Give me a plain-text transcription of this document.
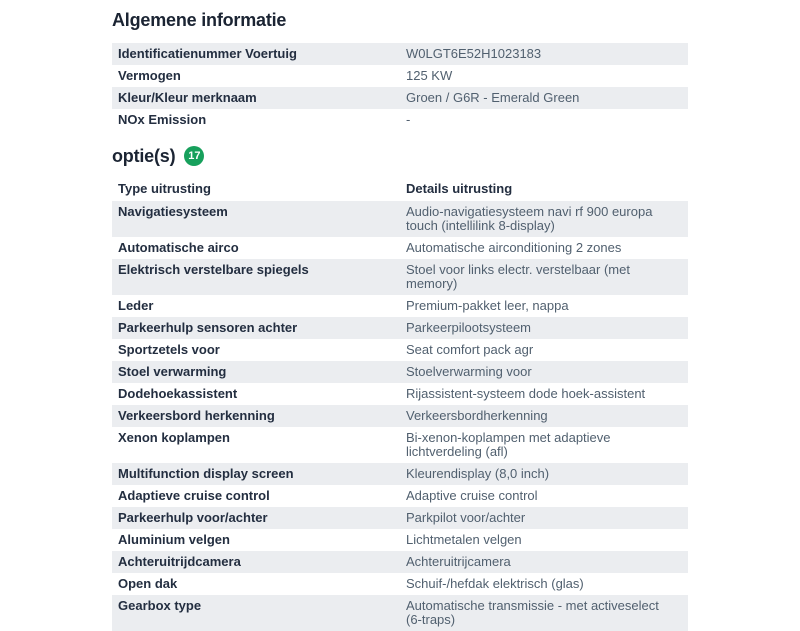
Algemene informatie
Identificatienummer Voertuig	W0LGT6E52H1023183
Vermogen	125 KW
Kleur/Kleur merknaam	Groen / G6R - Emerald Green
NOx Emission	-
optie(s) 17
Type uitrusting	Details uitrusting
Navigatiesysteem	Audio-navigatiesysteem navi rf 900 europa touch (intellilink 8-display)
Automatische airco	Automatische airconditioning 2 zones
Elektrisch verstelbare spiegels	Stoel voor links electr. verstelbaar (met memory)
Leder	Premium-pakket leer, nappa
Parkeerhulp sensoren achter	Parkeerpilootsysteem
Sportzetels voor	Seat comfort pack agr
Stoel verwarming	Stoelverwarming voor
Dodehoekassistent	Rijassistent-systeem dode hoek-assistent
Verkeersbord herkenning	Verkeersbordherkenning
Xenon koplampen	Bi-xenon-koplampen met adaptieve lichtverdeling (afl)
Multifunction display screen	Kleurendisplay (8,0 inch)
Adaptieve cruise control	Adaptive cruise control
Parkeerhulp voor/achter	Parkpilot voor/achter
Aluminium velgen	Lichtmetalen velgen
Achteruitrijdcamera	Achteruitrijcamera
Open dak	Schuif-/hefdak elektrisch (glas)
Gearbox type	Automatische transmissie - met activeselect (6-traps)
